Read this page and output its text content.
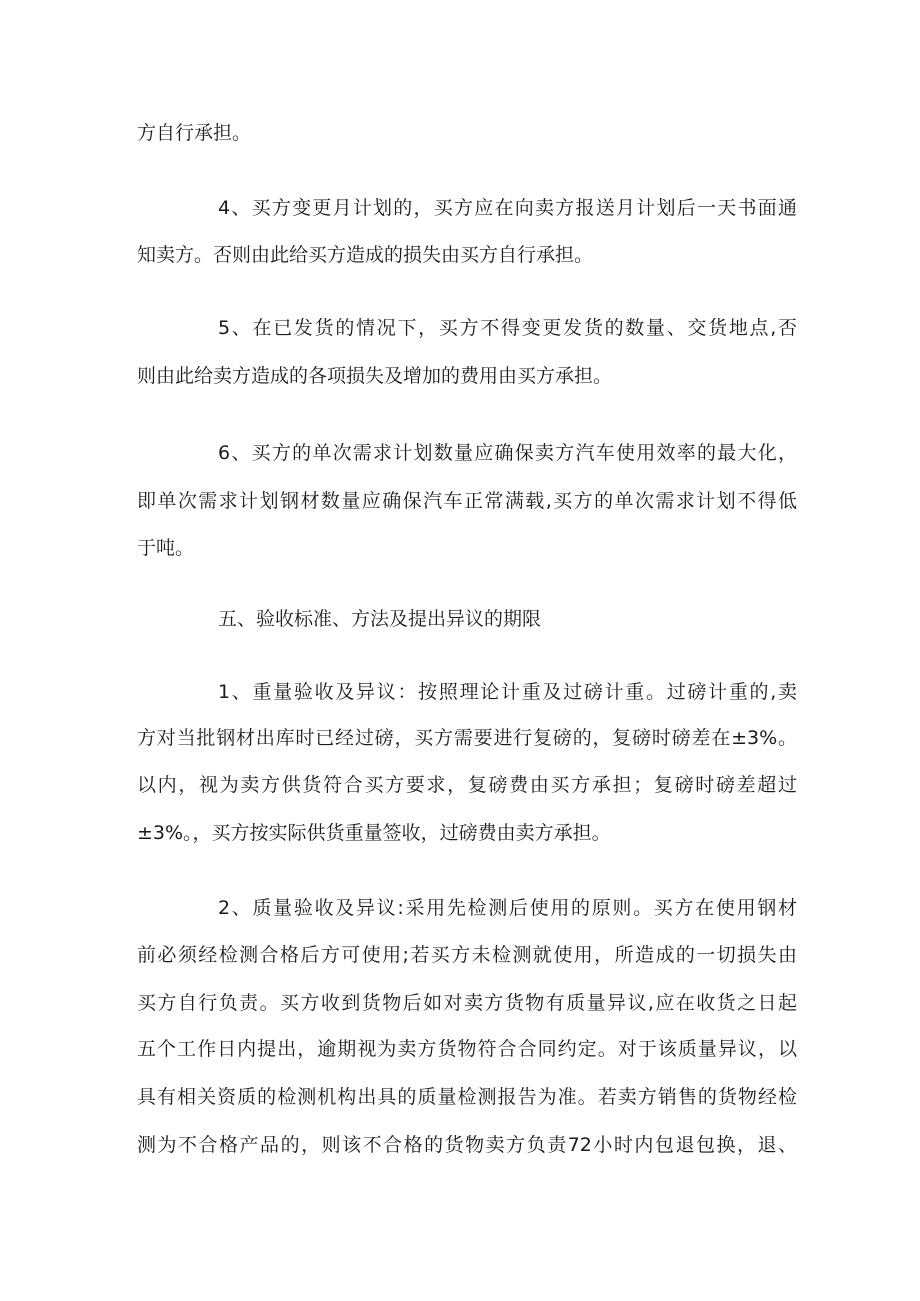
方自行承担。

4、买方变更月计划的，买方应在向卖方报送月计划后一天书面通

知卖方。否则由此给买方造成的损失由买方自行承担。

5、在已发货的情况下，买方不得变更发货的数量、交货地点,否

则由此给卖方造成的各项损失及增加的费用由买方承担。

6、买方的单次需求计划数量应确保卖方汽车使用效率的最大化，

即单次需求计划钢材数量应确保汽车正常满载,买方的单次需求计划不得低

于吨。

五、验收标准、方法及提出异议的期限

1、重量验收及异议：按照理论计重及过磅计重。过磅计重的,卖

方对当批钢材出库时已经过磅，买方需要进行复磅的，复磅时磅差在±3%。

以内，视为卖方供货符合买方要求，复磅费由买方承担；复磅时磅差超过

±3%。，买方按实际供货重量签收，过磅费由卖方承担。

2、质量验收及异议:采用先检测后使用的原则。买方在使用钢材

前必须经检测合格后方可使用;若买方未检测就使用，所造成的一切损失由

买方自行负责。买方收到货物后如对卖方货物有质量异议,应在收货之日起

五个工作日内提出，逾期视为卖方货物符合合同约定。对于该质量异议，以

具有相关资质的检测机构出具的质量检测报告为准。若卖方销售的货物经检

测为不合格产品的，则该不合格的货物卖方负责72小时内包退包换，退、
